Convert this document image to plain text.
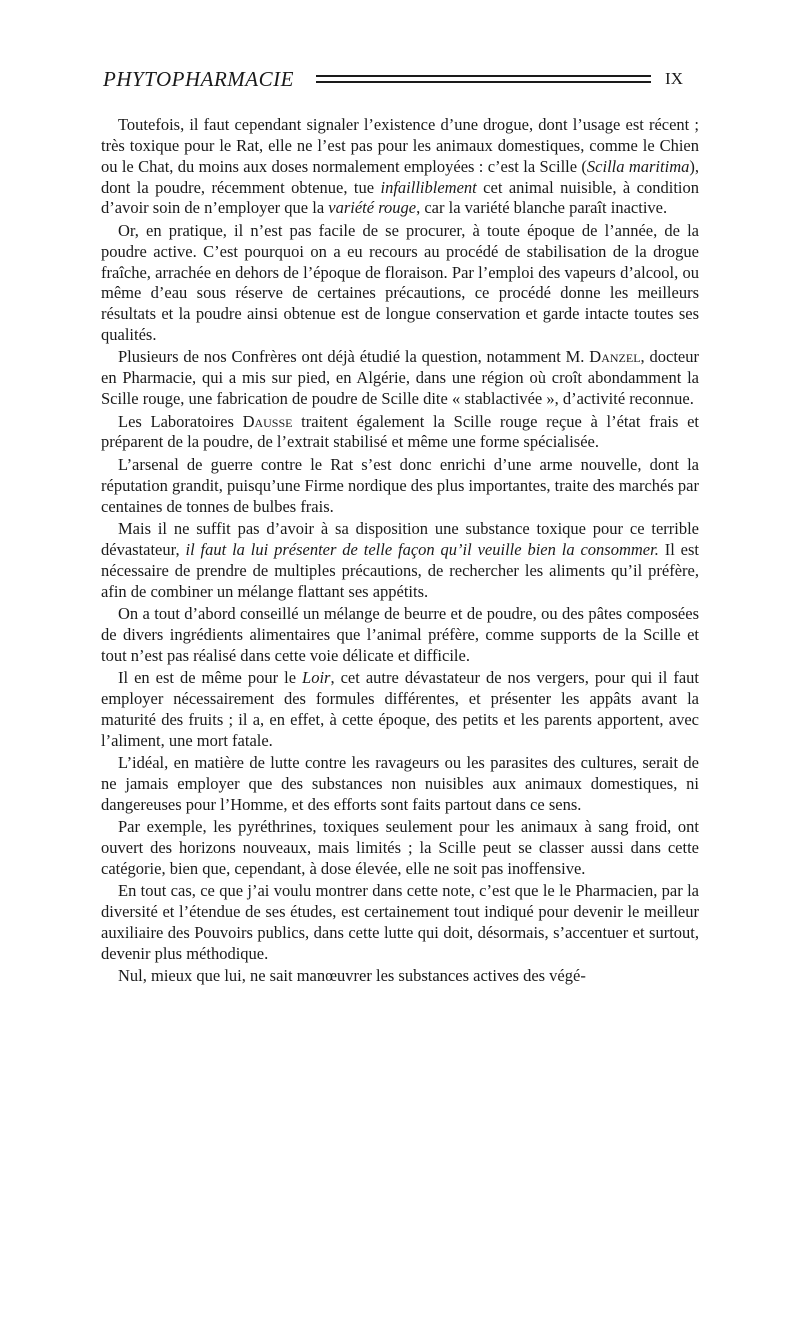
PHYTOPHARMACIE	IX

Toutefois, il faut cependant signaler l’existence d’une drogue, dont l’usage est récent ; très toxique pour le Rat, elle ne l’est pas pour les animaux domestiques, comme le Chien ou le Chat, du moins aux doses normalement employées : c’est la Scille (Scilla maritima), dont la poudre, récemment obtenue, tue infailliblement cet animal nuisible, à condition d’avoir soin de n’employer que la variété rouge, car la variété blanche paraît inactive.

Or, en pratique, il n’est pas facile de se procurer, à toute époque de l’année, de la poudre active. C’est pourquoi on a eu recours au procédé de stabilisation de la drogue fraîche, arrachée en dehors de l’époque de floraison. Par l’emploi des vapeurs d’alcool, ou même d’eau sous réserve de certaines précautions, ce procédé donne les meilleurs résultats et la poudre ainsi obtenue est de longue conservation et garde intacte toutes ses qualités.

Plusieurs de nos Confrères ont déjà étudié la question, notamment M. Danzel, docteur en Pharmacie, qui a mis sur pied, en Algérie, dans une région où croît abondamment la Scille rouge, une fabrication de poudre de Scille dite « stablactivée », d’activité reconnue.

Les Laboratoires Dausse traitent également la Scille rouge reçue à l’état frais et préparent de la poudre, de l’extrait stabilisé et même une forme spécialisée.

L’arsenal de guerre contre le Rat s’est donc enrichi d’une arme nouvelle, dont la réputation grandit, puisqu’une Firme nordique des plus importantes, traite des marchés par centaines de tonnes de bulbes frais.

Mais il ne suffit pas d’avoir à sa disposition une substance toxique pour ce terrible dévastateur, il faut la lui présenter de telle façon qu’il veuille bien la consommer. Il est nécessaire de prendre de multiples précautions, de rechercher les aliments qu’il préfère, afin de combiner un mélange flattant ses appétits.

On a tout d’abord conseillé un mélange de beurre et de poudre, ou des pâtes composées de divers ingrédients alimentaires que l’animal préfère, comme supports de la Scille et tout n’est pas réalisé dans cette voie délicate et difficile.

Il en est de même pour le Loir, cet autre dévastateur de nos vergers, pour qui il faut employer nécessairement des formules différentes, et présenter les appâts avant la maturité des fruits ; il a, en effet, à cette époque, des petits et les parents apportent, avec l’aliment, une mort fatale.

L’idéal, en matière de lutte contre les ravageurs ou les parasites des cultures, serait de ne jamais employer que des substances non nuisibles aux animaux domestiques, ni dangereuses pour l’Homme, et des efforts sont faits partout dans ce sens.

Par exemple, les pyréthrines, toxiques seulement pour les animaux à sang froid, ont ouvert des horizons nouveaux, mais limités ; la Scille peut se classer aussi dans cette catégorie, bien que, cependant, à dose élevée, elle ne soit pas inoffensive.

En tout cas, ce que j’ai voulu montrer dans cette note, c’est que le le Pharmacien, par la diversité et l’étendue de ses études, est certainement tout indiqué pour devenir le meilleur auxiliaire des Pouvoirs publics, dans cette lutte qui doit, désormais, s’accentuer et surtout, devenir plus méthodique.

Nul, mieux que lui, ne sait manœuvrer les substances actives des végé-
